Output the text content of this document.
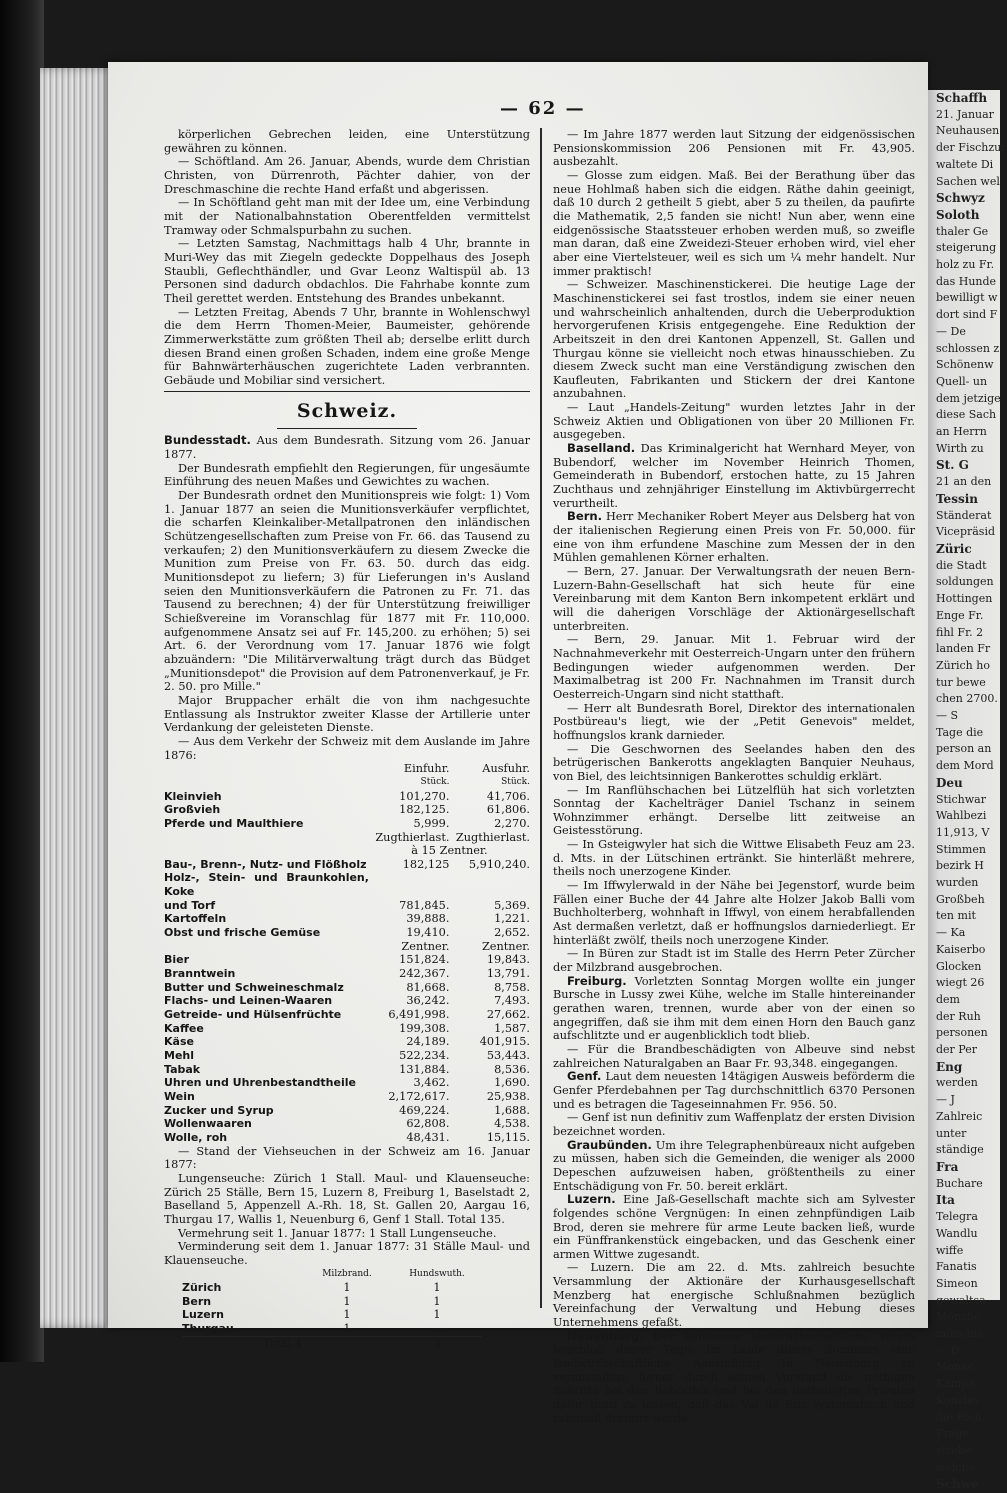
Schaffh
21. Januar
Neuhausen
der Fischzuc
waltete Di
Sachen wel
Schwyz
Soloth
thaler Ge
steigerung
holz zu Fr.
das Hunde
bewilligt w
dort sind F
— De
schlossen z
Schönenw
Quell- un
dem jetzige
diese Sach
an Herrn
Wirth zu
St. G
21 an den
Tessin
Ständerat
Vicepräsid
Züric
die Stadt
soldungen
Hottingen
Enge Fr.
fihl Fr. 2
landen Fr
Zürich ho
tur bewe
chen 2700.
— S
Tage die
person an
dem Mord
Deu
Stichwar
Wahlbezi
11,913, V
Stimmen
bezirk H
wurden
Großbeh
ten mit
— Ka
Kaiserbo
Glocken
wiegt 26
dem
der Ruh
personen
der Per
Eng
werden
— J
Zahlreic
unter
ständige
Fra
Buchare
Ita
Telegra
Wandlu
wiffe
Fanatis
Simeon
gewaltsa
Mönche
mönchis
— D
Monac
Kampa
Konclav
die Rich
Frage
strebe
welche
Schwe
— 62 —

körperlichen Gebrechen leiden, eine Unterstützung gewähren zu können.

— Schöftland. Am 26. Januar, Abends, wurde dem Christian Christen, von Dürrenroth, Pächter dahier, von der Dreschmaschine die rechte Hand erfaßt und abgerissen.

— In Schöftland geht man mit der Idee um, eine Verbindung mit der Nationalbahnstation Oberentfelden vermittelst Tramway oder Schmalspurbahn zu suchen.

— Letzten Samstag, Nachmittags halb 4 Uhr, brannte in Muri-Wey das mit Ziegeln gedeckte Doppelhaus des Joseph Staubli, Geflechthändler, und Gvar Leonz Waltispül ab. 13 Personen sind dadurch obdachlos. Die Fahrhabe konnte zum Theil gerettet werden. Entstehung des Brandes unbekannt.

— Letzten Freitag, Abends 7 Uhr, brannte in Wohlenschwyl die dem Herrn Thomen-Meier, Baumeister, gehörende Zimmerwerkstätte zum größten Theil ab; derselbe erlitt durch diesen Brand einen großen Schaden, indem eine große Menge für Bahnwärterhäuschen zugerichtete Laden verbrannten. Gebäude und Mobiliar sind versichert.

Schweiz.

Bundesstadt. Aus dem Bundesrath. Sitzung vom 26. Januar 1877.

Der Bundesrath empfiehlt den Regierungen, für ungesäumte Einführung des neuen Maßes und Gewichtes zu wachen.

Der Bundesrath ordnet den Munitionspreis wie folgt: 1) Vom 1. Januar 1877 an seien die Munitionsverkäufer verpflichtet, die scharfen Kleinkaliber-Metallpatronen den inländischen Schützengesellschaften zum Preise von Fr. 66. das Tausend zu verkaufen; 2) den Munitionsverkäufern zu diesem Zwecke die Munition zum Preise von Fr. 63. 50. durch das eidg. Munitionsdepot zu liefern; 3) für Lieferungen in's Ausland seien den Munitionsverkäufern die Patronen zu Fr. 71. das Tausend zu berechnen; 4) der für Unterstützung freiwilliger Schießvereine im Voranschlag für 1877 mit Fr. 110,000. aufgenommene Ansatz sei auf Fr. 145,200. zu erhöhen; 5) sei Art. 6. der Verordnung vom 17. Januar 1876 wie folgt abzuändern: "Die Militärverwaltung trägt durch das Büdget „Munitionsdepot" die Provision auf dem Patronenverkauf, je Fr. 2. 50. pro Mille."

Major Bruppacher erhält die von ihm nachgesuchte Entlassung als Instruktor zweiter Klasse der Artillerie unter Verdankung der geleisteten Dienste.

— Aus dem Verkehr der Schweiz mit dem Auslande im Jahre 1876:

	Einfuhr.	Ausfuhr.
	Stück.	Stück.
Kleinvieh	101,270.	41,706.
Großvieh	182,125.	61,806.
Pferde und Maulthiere	5,999.	2,270.
	Zugthierlast.	Zugthierlast.
	à 15 Zentner.	
Bau-, Brenn-, Nutz- und Flößholz	182,125	5,910,240.
Holz-, Stein- und Braunkohlen, Koke		
und Torf	781,845.	5,369.
Kartoffeln	39,888.	1,221.
Obst und frische Gemüse	19,410.	2,652.
	Zentner.	Zentner.
Bier	151,824.	19,843.
Branntwein	242,367.	13,791.
Butter und Schweineschmalz	81,668.	8,758.
Flachs- und Leinen-Waaren	36,242.	7,493.
Getreide- und Hülsenfrüchte	6,491,998.	27,662.
Kaffee	199,308.	1,587.
Käse	24,189.	401,915.
Mehl	522,234.	53,443.
Tabak	131,884.	8,536.
Uhren und Uhrenbestandtheile	3,462.	1,690.
Wein	2,172,617.	25,938.
Zucker und Syrup	469,224.	1,688.
Wollenwaaren	62,808.	4,538.
Wolle, roh	48,431.	15,115.

— Stand der Viehseuchen in der Schweiz am 16. Januar 1877:

Lungenseuche: Zürich 1 Stall. Maul- und Klauenseuche: Zürich 25 Ställe, Bern 15, Luzern 8, Freiburg 1, Baselstadt 2, Baselland 5, Appenzell A.-Rh. 18, St. Gallen 20, Aargau 16, Thurgau 17, Wallis 1, Neuenburg 6, Genf 1 Stall. Total 135.

Vermehrung seit 1. Januar 1877: 1 Stall Lungenseuche.

Verminderung seit dem 1. Januar 1877: 31 Ställe Maul- und Klauenseuche.

	Milzbrand.	Hundswuth.
Zürich	1	1
Bern	1	1
Luzern	1	1
Thurgau	1	—
Total 4		3

— Im Jahre 1877 werden laut Sitzung der eidgenössischen Pensionskommission 206 Pensionen mit Fr. 43,905. ausbezahlt.

— Glosse zum eidgen. Maß. Bei der Berathung über das neue Hohlmaß haben sich die eidgen. Räthe dahin geeinigt, daß 10 durch 2 getheilt 5 giebt, aber 5 zu theilen, da paufirte die Mathematik, 2,5 fanden sie nicht! Nun aber, wenn eine eidgenössische Staatssteuer erhoben werden muß, so zweifle man daran, daß eine Zweidezi-Steuer erhoben wird, viel eher aber eine Viertelsteuer, weil es sich um ¼ mehr handelt. Nur immer praktisch!

— Schweizer. Maschinenstickerei. Die heutige Lage der Maschinenstickerei sei fast trostlos, indem sie einer neuen und wahrscheinlich anhaltenden, durch die Ueberproduktion hervorgerufenen Krisis entgegengehe. Eine Reduktion der Arbeitszeit in den drei Kantonen Appenzell, St. Gallen und Thurgau könne sie vielleicht noch etwas hinausschieben. Zu diesem Zweck sucht man eine Verständigung zwischen den Kaufleuten, Fabrikanten und Stickern der drei Kantone anzubahnen.

— Laut „Handels-Zeitung" wurden letztes Jahr in der Schweiz Aktien und Obligationen von über 20 Millionen Fr. ausgegeben.

Baselland. Das Kriminalgericht hat Wernhard Meyer, von Bubendorf, welcher im November Heinrich Thomen, Gemeinderath in Bubendorf, erstochen hatte, zu 15 Jahren Zuchthaus und zehnjähriger Einstellung im Aktivbürgerrecht verurtheilt.

Bern. Herr Mechaniker Robert Meyer aus Delsberg hat von der italienischen Regierung einen Preis von Fr. 50,000. für eine von ihm erfundene Maschine zum Messen der in den Mühlen gemahlenen Körner erhalten.

— Bern, 27. Januar. Der Verwaltungsrath der neuen Bern-Luzern-Bahn-Gesellschaft hat sich heute für eine Vereinbarung mit dem Kanton Bern inkompetent erklärt und will die daherigen Vorschläge der Aktionärgesellschaft unterbreiten.

— Bern, 29. Januar. Mit 1. Februar wird der Nachnahmeverkehr mit Oesterreich-Ungarn unter den frühern Bedingungen wieder aufgenommen werden. Der Maximalbetrag ist 200 Fr. Nachnahmen im Transit durch Oesterreich-Ungarn sind nicht statthaft.

— Herr alt Bundesrath Borel, Direktor des internationalen Postbüreau's liegt, wie der „Petit Genevois" meldet, hoffnungslos krank darnieder.

— Die Geschwornen des Seelandes haben den des betrügerischen Bankerotts angeklagten Banquier Neuhaus, von Biel, des leichtsinnigen Bankerottes schuldig erklärt.

— Im Ranflühschachen bei Lützelflüh hat sich vorletzten Sonntag der Kachelträger Daniel Tschanz in seinem Wohnzimmer erhängt. Derselbe litt zeitweise an Geistesstörung.

— In Gsteigwyler hat sich die Wittwe Elisabeth Feuz am 23. d. Mts. in der Lütschinen ertränkt. Sie hinterläßt mehrere, theils noch unerzogene Kinder.

— Im Iffwylerwald in der Nähe bei Jegenstorf, wurde beim Fällen einer Buche der 44 Jahre alte Holzer Jakob Balli vom Buchholterberg, wohnhaft in Iffwyl, von einem herabfallenden Ast dermaßen verletzt, daß er hoffnungslos darniederliegt. Er hinterläßt zwölf, theils noch unerzogene Kinder.

— In Büren zur Stadt ist im Stalle des Herrn Peter Zürcher der Milzbrand ausgebrochen.

Freiburg. Vorletzten Sonntag Morgen wollte ein junger Bursche in Lussy zwei Kühe, welche im Stalle hintereinander gerathen waren, trennen, wurde aber von der einen so angegriffen, daß sie ihm mit dem einen Horn den Bauch ganz aufschlitzte und er augenblicklich todt blieb.

— Für die Brandbeschädigten von Albeuve sind nebst zahlreichen Naturalgaben an Baar Fr. 93,348. eingegangen.

Genf. Laut dem neuesten 14tägigen Ausweis beförderm die Genfer Pferdebahnen per Tag durchschnittlich 6370 Personen und es betragen die Tageseinnahmen Fr. 956. 50.

— Genf ist nun definitiv zum Waffenplatz der ersten Division bezeichnet worden.

Graubünden. Um ihre Telegraphenbüreaux nicht aufgeben zu müssen, haben sich die Gemeinden, die weniger als 2000 Depeschen aufzuweisen haben, größtentheils zu einer Entschädigung von Fr. 50. bereit erklärt.

Luzern. Eine Jaß-Gesellschaft machte sich am Sylvester folgendes schöne Vergnügen: In einen zehnpfündigen Laib Brod, deren sie mehrere für arme Leute backen ließ, wurde ein Fünffrankenstück eingebacken, und das Geschenk einer armen Wittwe zugesandt.

— Luzern. Die am 22. d. Mts. zahlreich besuchte Versammlung der Aktionäre der Kurhausgesellschaft Menzberg hat energische Schlußnahmen bezüglich Vereinfachung der Verwaltung und Hebung dieses Unternehmens gefaßt.

Neuenburg. Der kantonale landwirthschaftliche Verein beschloß dieser Tage, im Laufe dieses Sommers eine landwirthschaftliche Ausstellung in Neuenburg zu veranstalten; ferner durch seinen Vorstand die nöthigen Schritte bei den Behörden und bei den betheiligten Privaten dafür thun zu lassen, daß das Val de Ruz systematisch und rationell drainirt werde.
